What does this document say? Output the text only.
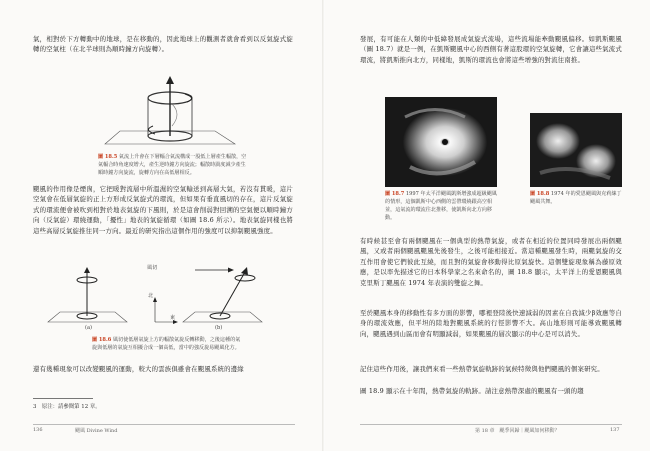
氣，相對於下方轉動中的地球，是在移動的，因此地球上的觀測者就會看到以反氣旋式旋轉的空氣柱（在北半球則為順時鐘方向旋轉）。

圖 18.5 氣流上升會在下層輻合氣流構成一股低上層產生輻散，空氣輻合時角速度增大，產生逆時鐘方向旋流；輻散時渦度減少產生順時鐘方向旋流，旋轉方向在高低層相反。

颶風的作用像是煙囪，它把暖對流層中所溫濕的空氣輸送到高層大氣，若沒有貫暖，這片空氣會在低層氣旋的正上方形成反氣旋式的環流，但如果有垂直風切的存在，這片反氣旋式的環流便會被吹到相對於地表氣旋的下風則，於是這會削弱對回溯的空氣便以順時鐘方向（反氣旋）環繞運動，「擾性」地表的氣旋循環（如圖 18.6 所示）。地表氣旋同樣也將這些高層反氣旋推往同一方向。最近的研究指出這個作用的強度可以抑制颶風強度。

風切
北
東
(a)	(b)

圖 18.6 風切使低層氣旋上方的輻散氣旋反轉移動，之後這種的氣旋與低層的氣旋互相擾合成一個高低，當中的強反旋易颶風化方。

還有幾種現象可以改變颶風的運動，較大的雲族俱雖會在颶風系統的邊緣

3　原注：請參閱第 12 章。
136	颶風 Divine Wind

發展，有可能在人類的中低緯發展成氣旋式流場，這些流場能牽動颶風偏移。如凱斯颶風（圖 18.7）就是一例，在凱斯颶風中心的西側有著這股環的空氣旋轉，它會讓這些氣流式環流，將凱斯推向北方，同樣地，凱斯的環流也會將這些增強的對流往南推。

圖 18.7 1997 年太平洋颶風凱斯增強成超級颶風的情形，這個凱斯中心西側的雲帶環繞跟高空相並，這氣流的環流往北推移，使凱斯向北方向移動。

圖 18.8 1974 年的愛恩颶風與克莉絲丁颶風共舞。

有時候甚至會有兩個颶風在一個典型的熱帶氣旋，或者在相近的位置同時發展出兩個颶風，又或者兩個颶風颶風先後發生，之後可能相接近。當這種颶風發生時，兩颶氣旋的交互作用會使它們彼此互繞，而且對的氣旋會移動得比原氣旋快。這個雙旋現象稱為藤原效應，是以率先描述它的日本科學家之名來命名的，圖 18.8 顯示，太平洋上的愛恩颶風與克里斯丁颶風在 1974 年表演的雙旋之舞。

至於颶風本身的移動性有多方面的影響，哪裡登陸後快速減弱的因素在自我減少β效應等自身的環流效應，但平坦的陸地對颶風系統的行徑影響不大。高山地形則可能導致颶風轉向，颶風遇到山區而會有明顯減弱，如果颶風的層次顯示的中心是可以消失。

記住這些作用後，讓我們來看一些熱帶氣旋軌跡的氣候特徵與他們颶風的個案研究。

圖 18.9 顯示在十年間，熱帶氣旋的軌跡。請注意熱帶深處的颶風有一頭的趨

第 18 章　颶季回歸｜颶風如何移動？	137
